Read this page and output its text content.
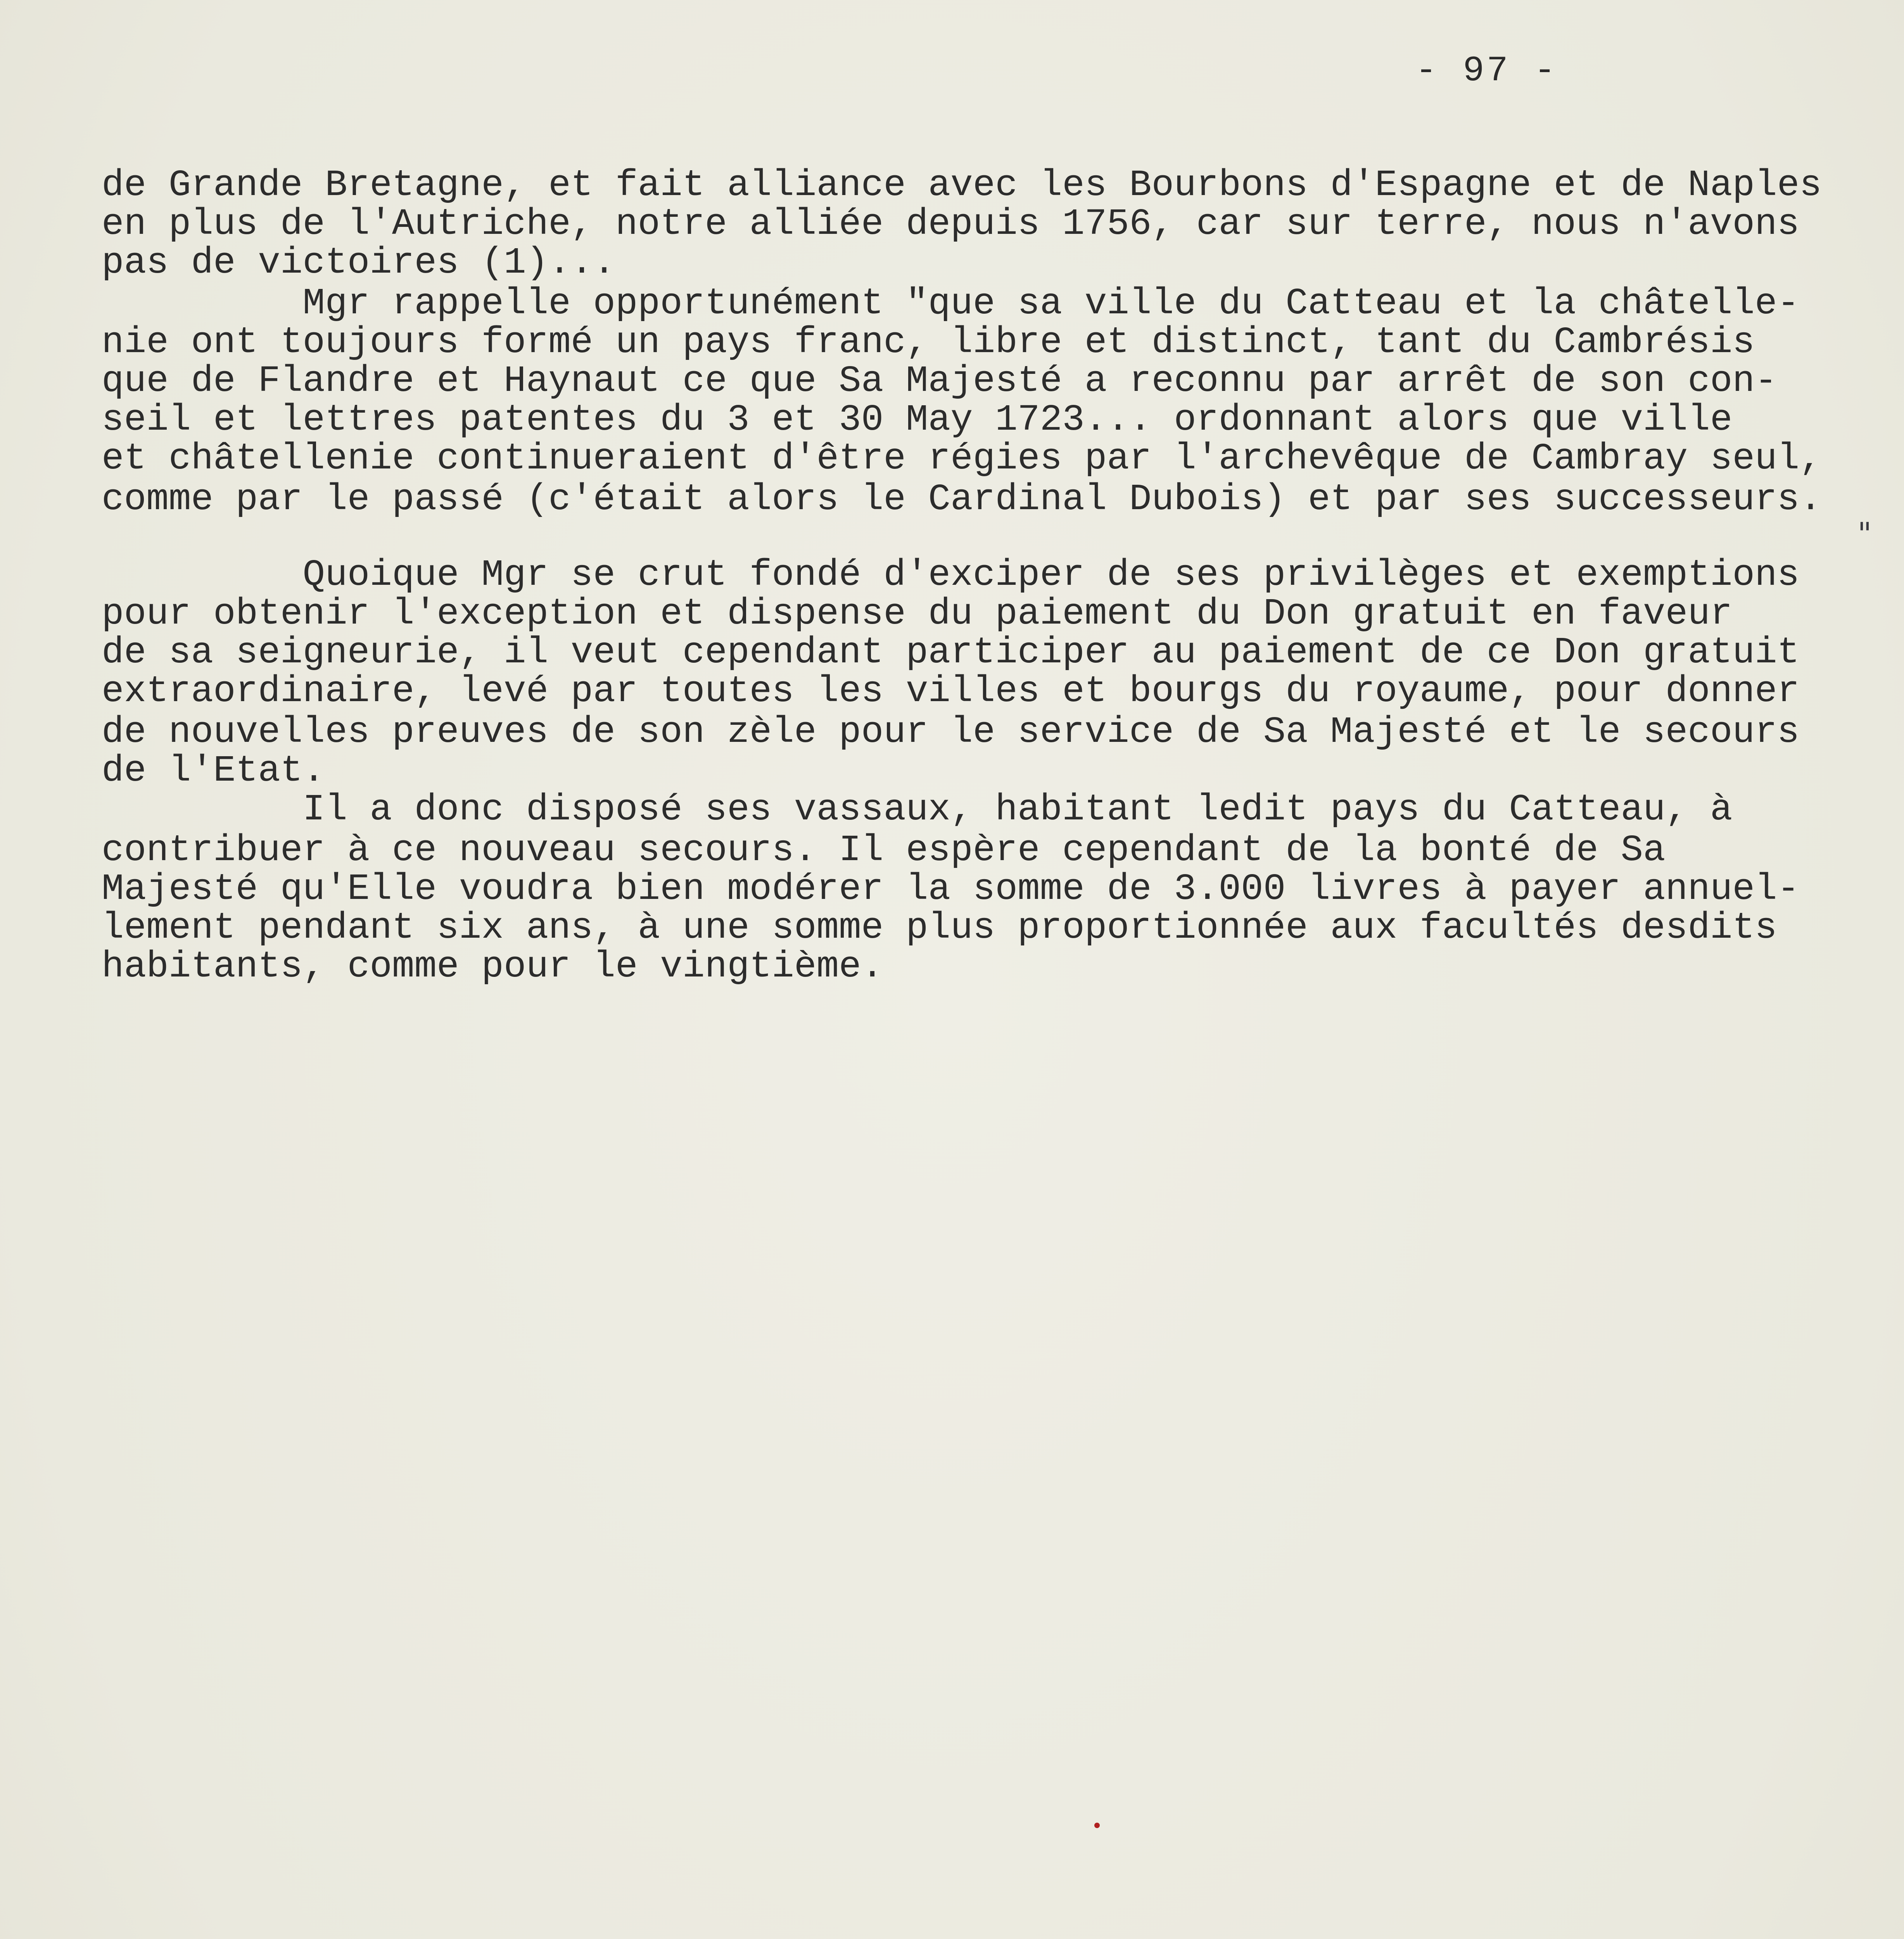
- 97 -
de Grande Bretagne, et fait alliance avec les Bourbons d'Espagne et de Naples
en plus de l'Autriche, notre alliée depuis 1756, car sur terre, nous n'avons
pas de victoires (1)...
Mgr rappelle opportunément "que sa ville du Catteau et la châtelle-
nie ont toujours formé un pays franc, libre et distinct, tant du Cambrésis
que de Flandre et Haynaut ce que Sa Majesté a reconnu par arrêt de son con-
seil et lettres patentes du 3 et 30 May 1723... ordonnant alors que ville
et châtellenie continueraient d'être régies par l'archevêque de Cambray seul,
comme par le passé (c'était alors le Cardinal Dubois) et par ses successeurs.
Quoique Mgr se crut fondé d'exciper de ses privilèges et exemptions
pour obtenir l'exception et dispense du paiement du Don gratuit en faveur
de sa seigneurie, il veut cependant participer au paiement de ce Don gratuit
extraordinaire, levé par toutes les villes et bourgs du royaume, pour donner
de nouvelles preuves de son zèle pour le service de Sa Majesté et le secours
de l'Etat.
Il a donc disposé ses vassaux, habitant ledit pays du Catteau, à
contribuer à ce nouveau secours. Il espère cependant de la bonté de Sa
Majesté qu'Elle voudra bien modérer la somme de 3.000 livres à payer annuel-
lement pendant six ans, à une somme plus proportionnée aux facultés desdits
habitants, comme pour le vingtième.
"
